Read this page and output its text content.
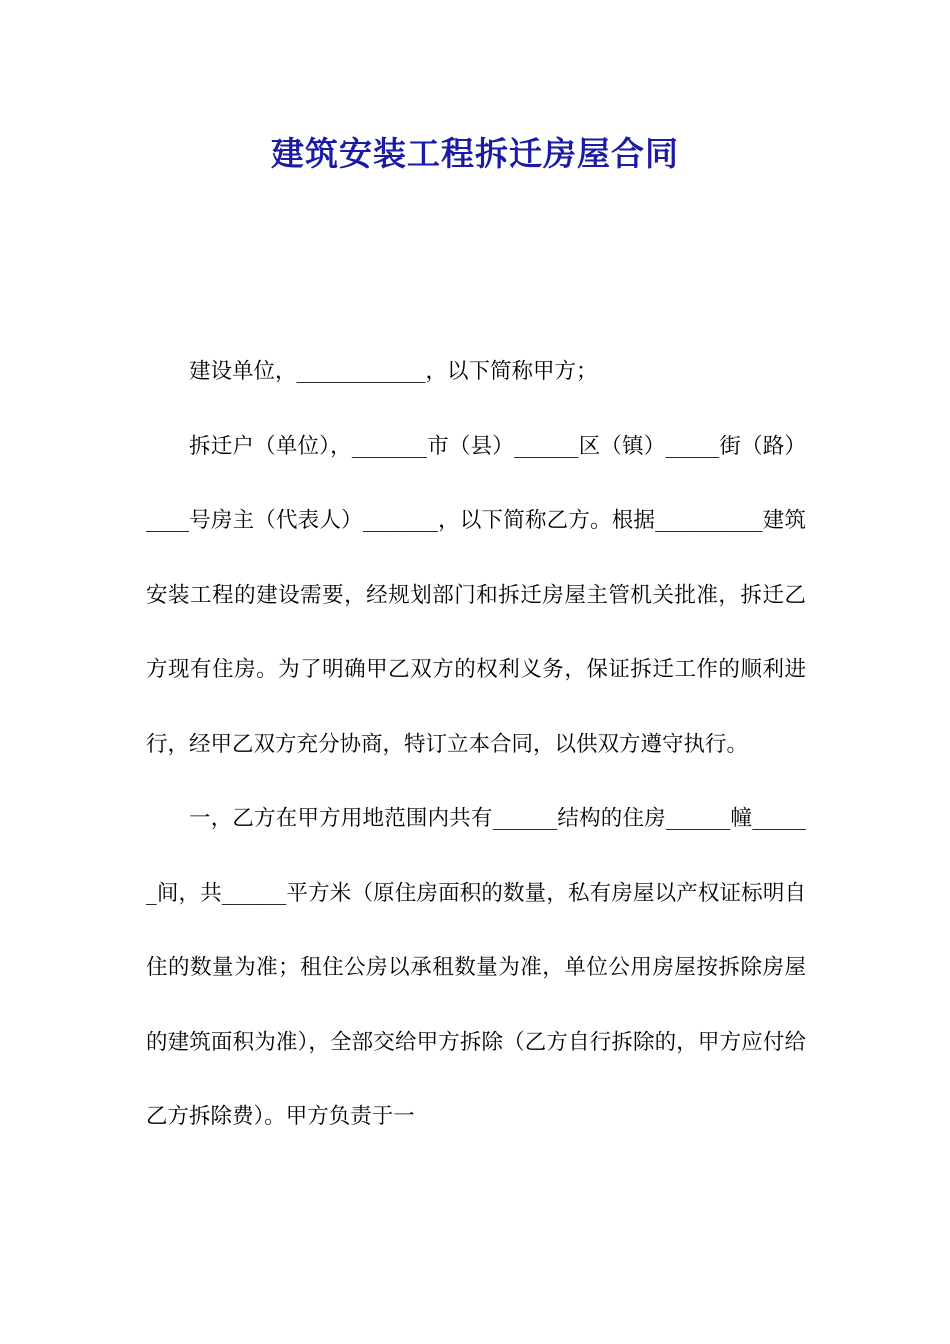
建筑安装工程拆迁房屋合同

建设单位，____________，以下简称甲方；

拆迁户（单位），_______市（县）______区（镇）_____街（路）____号房主（代表人）_______，以下简称乙方。根据__________建筑安装工程的建设需要，经规划部门和拆迁房屋主管机关批准，拆迁乙方现有住房。为了明确甲乙双方的权利义务，保证拆迁工作的顺利进行，经甲乙双方充分协商，特订立本合同，以供双方遵守执行。

一，乙方在甲方用地范围内共有______结构的住房______幢______间，共______平方米（原住房面积的数量，私有房屋以产权证标明自住的数量为准；租住公房以承租数量为准，单位公用房屋按拆除房屋的建筑面积为准），全部交给甲方拆除（乙方自行拆除的，甲方应付给乙方拆除费）。甲方负责于一
